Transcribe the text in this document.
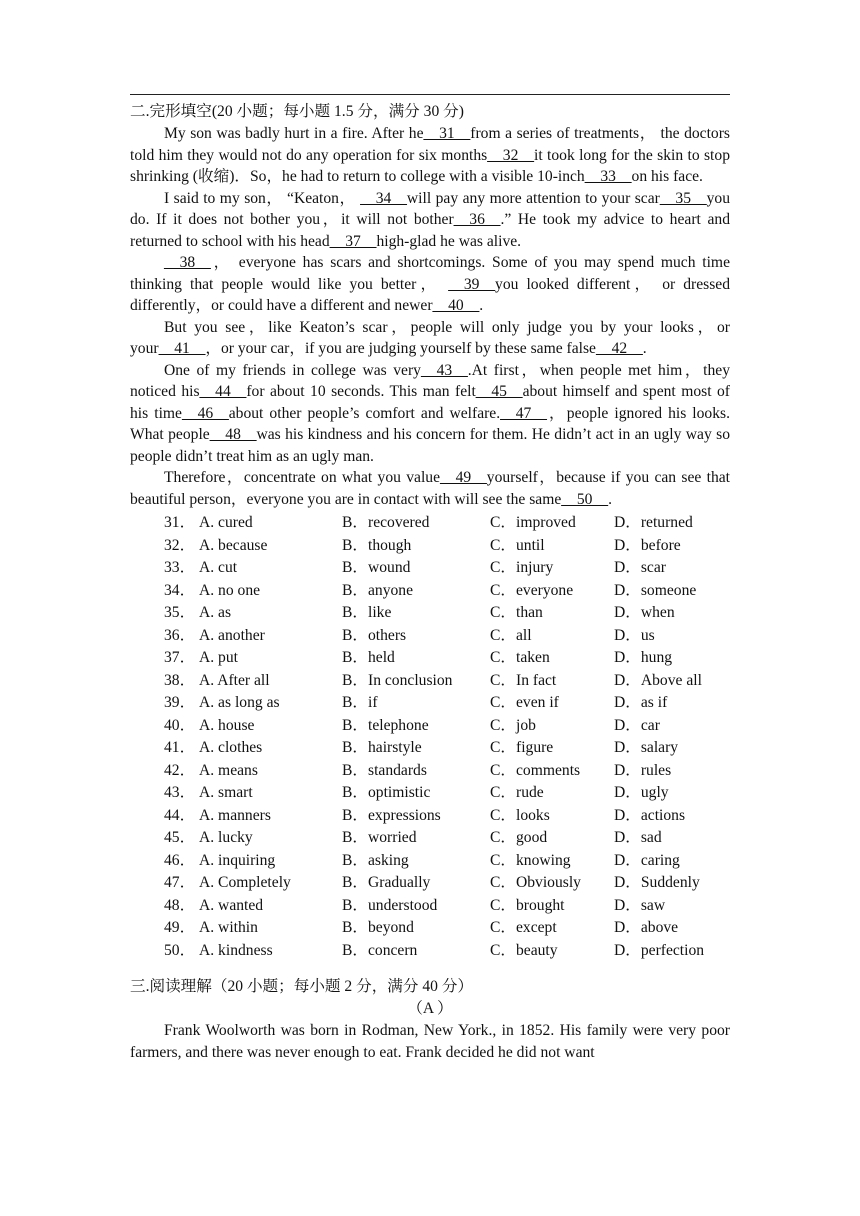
二.完形填空(20 小题；每小题 1.5 分，满分 30 分)

My son was badly hurt in a fire. After he__31__from a series of treatments， the doctors told him they would not do any operation for six months__32__it took long for the skin to stop shrinking (收缩)．So，he had to return to college with a visible 10-inch__33__on his face.

I said to my son， “Keaton， __34__will pay any more attention to your scar__35__you do. If it does not bother you，it will not bother__36__.” He took my advice to heart and returned to school with his head__37__high-glad he was alive.

__38__， everyone has scars and shortcomings. Some of you may spend much time thinking that people would like you better， __39__you looked different， or dressed differently，or could have a different and newer__40__.

But you see，like Keaton’s scar，people will only judge you by your looks，or your__41__，or your car，if you are judging yourself by these same false__42__.

One of my friends in college was very__43__.At first，when people met him，they noticed his__44__for about 10 seconds. This man felt__45__about himself and spent most of his time__46__about other people’s comfort and welfare.__47__，people ignored his looks. What people__48__was his kindness and his concern for them. He didn’t act in an ugly way so people didn’t treat him as an ugly man.

Therefore，concentrate on what you value__49__yourself，because if you can see that beautiful person，everyone you are in contact with will see the same__50__.

31． A. cured	B．recovered	C．improved D．returned
32． A. because	B．though	C．until	D．before
33． A. cut	B．wound	C．injury	D．scar
34． A. no one	B．anyone	C．everyone	D．someone
35． A. as	B．like	C．than	D．when
36． A. another	B．others	C．all	D．us
37． A. put	B．held	C．taken	D．hung
38． A. After all	B．In conclusion C．In fact	D．Above all
39． A. as long as	B．if	C．even if	D．as if
40． A. house	B．telephone	C．job	D．car
41． A. clothes	B．hairstyle	C．figure	D．salary
42． A. means	B．standards	C．comments D．rules
43． A. smart	B．optimistic	C．rude	D．ugly
44． A. manners	B．expressions	C．looks	D．actions
45． A. lucky	B．worried	C．good	D．sad
46． A. inquiring	B．asking	C．knowing	D．caring
47． A. Completely	B．Gradually	C．Obviously D．Suddenly
48． A. wanted	B．understood	C．brought	D．saw
49． A. within	B．beyond	C．except	D．above
50． A. kindness	B．concern	C．beauty	D．perfection
三.阅读理解（20 小题；每小题 2 分，满分 40 分）
（A ）

Frank Woolworth was born in Rodman, New York., in 1852. His family were very poor farmers, and there was never enough to eat. Frank decided he did not want
